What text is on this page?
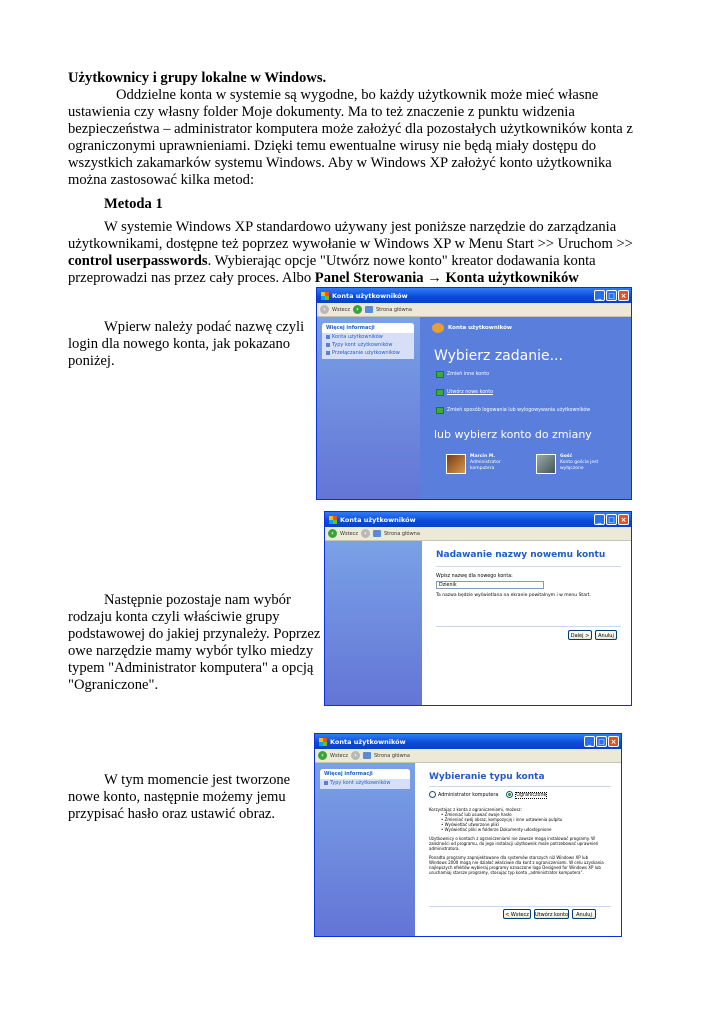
Użytkownicy i grupy lokalne w Windows.
Oddzielne konta w systemie są wygodne, bo każdy użytkownik może mieć własne
ustawienia czy własny folder Moje dokumenty. Ma to też znaczenie z punktu widzenia
bezpieczeństwa – administrator komputera może założyć dla pozostałych użytkowników konta z
ograniczonymi uprawnieniami. Dzięki temu ewentualne wirusy nie będą miały dostępu do
wszystkich zakamarków systemu Windows. Aby w Windows XP założyć konto użytkownika
można zastosować kilka metod:
Metoda 1
W systemie Windows XP standardowo używany jest poniższe narzędzie do zarządzania
użytkownikami, dostępne też poprzez wywołanie w Windows XP w Menu Start >> Uruchom >>
control userpasswords. Wybierając opcje "Utwórz nowe konto" kreator dodawania konta
przeprowadzi nas przez cały proces. Albo Panel Sterowania → Konta użytkowników
Wpierw należy podać nazwę czyli
login dla nowego konta, jak pokazano
poniżej.
Następnie pozostaje nam wybór
rodzaju konta czyli właściwie grupy
podstawowej do jakiej przynależy. Poprzez
owe narzędzie mamy wybór tylko miedzy
typem "Administrator komputera" a opcją
"Ograniczone".
W tym momencie jest tworzone
nowe konto, następnie możemy jemu
przypisać hasło oraz ustawić obraz.
Konta użytkowników	_ □ ×
‹	Wstecz	›	Strona główna
Więcej informacji
Konta użytkowników
Typy kont użytkowników
Przełączanie użytkowników
Konta użytkowników
Wybierz zadanie...
Zmień inne konto
Utwórz nowe konto
Zmień sposób logowania lub wylogowywania użytkowników
lub wybierz konto do zmiany
Marcin M.
Administrator
komputera
Gość
Konto gościa jest
wyłączone
Konta użytkowników	_ □ ×
‹	Wstecz	›	Strona główna
Nadawanie nazwy nowemu kontu
Wpisz nazwę dla nowego konta:
Dzienik
Ta nazwa będzie wyświetlana na ekranie powitalnym i w menu Start.
Dalej >	Anuluj
Konta użytkowników	_ □ ×
‹	Wstecz	›	Strona główna
Więcej informacji
Typy kont użytkowników
Wybieranie typu konta
Administrator komputera	Ograniczone
Korzystając z konta z ograniczeniami, możesz:
• Zmieniać lub usuwać swoje hasło
• Zmieniać swój obraz, kompozycję i inne ustawienia pulpitu
• Wyświetlać utworzone pliki
• Wyświetlać pliki w folderze Dokumenty udostępnione
Użytkownicy o kontach z ograniczeniami nie zawsze mogą instalować programy. W zależności od programu, do jego instalacji użytkownik może potrzebować uprawnień administratora.
Ponadto programy zaprojektowane dla systemów starszych niż Windows XP lub Windows 2000 mogą nie działać właściwie dla kont z ograniczeniami. W celu uzyskania najlepszych efektów wybieraj programy oznaczone logo Designed for Windows XP lub uruchamiaj starsze programy, stosując typ konta „administrator komputera”.
< Wstecz	Utwórz konto	Anuluj
